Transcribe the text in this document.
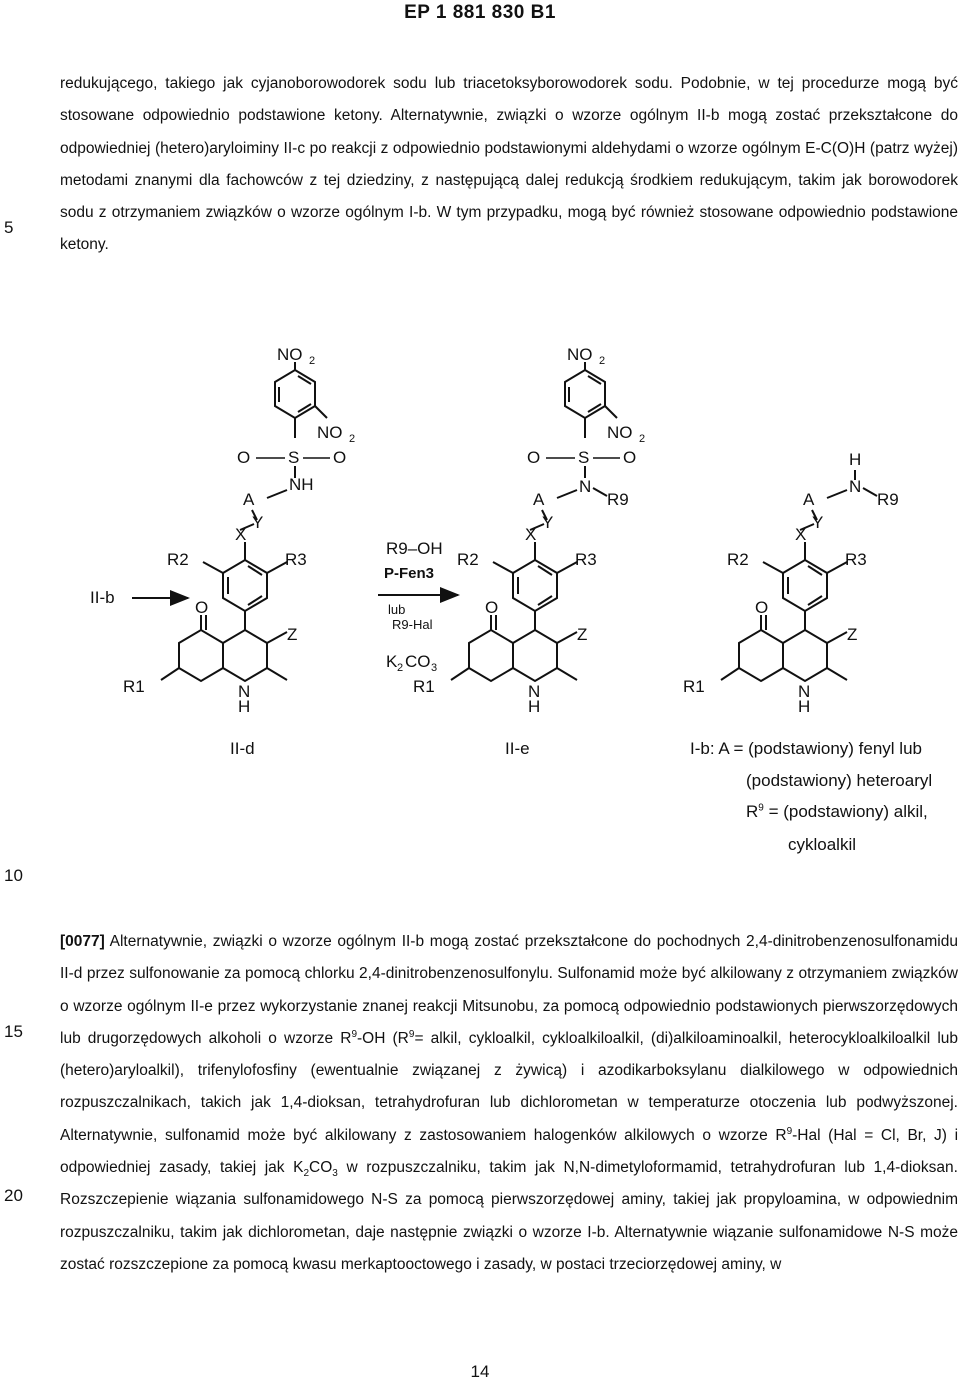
EP 1 881 830 B1
redukującego, takiego jak cyjanoborowodorek sodu lub triacetoksyborowodorek sodu. Podobnie, w tej procedurze mogą być stosowane odpowiednio podstawione ketony. Alternatywnie, związki o wzorze ogólnym II-b mogą zostać przekształcone do odpowiedniej (hetero)aryloiminy II-c po reakcji z odpowiednio podstawionymi aldehydami o wzorze ogólnym E-C(O)H (patrz wyżej) metodami znanymi dla fachowców z tej dziedziny, z następującą dalej redukcją środkiem redukującym, takim jak borowodorek sodu z otrzymaniem związków o wzorze ogólnym I-b. W tym przypadku, mogą być również stosowane odpowiednio podstawione ketony.
5
10
15
20
II-b
NO 2
NO 2
O S O
NH
A
Y
X
R2	R3
O
Z
R1	N
H
R9–OH
P-Fen3
lub
R9-Hal
K 2 CO 3
NO 2
NO 2
O S O
N
R9
A
Y
X
R2	R3
O
Z
R1	N
H
H
N
R9
A
Y
X
R2	R3
O
Z
R1	N
H
II-d	II-e	I-b: A = (podstawiony) fenyl lub
(podstawiony) heteroaryl
$R^9$ = (podstawiony) alkil,
cykloalkil
[0077] Alternatywnie, związki o wzorze ogólnym II-b mogą zostać przekształcone do pochodnych 2,4-dinitrobenzenosulfonamidu II-d przez sulfonowanie za pomocą chlorku 2,4-dinitrobenzenosulfonylu. Sulfonamid może być alkilowany z otrzymaniem związków o wzorze ogólnym II-e przez wykorzystanie znanej reakcji Mitsunobu, za pomocą odpowiednio podstawionych pierwszorzędowych lub drugorzędowych alkoholi o wzorze $R^9-OH$ ($R^9=$ alkil, cykloalkil, cykloalkiloalkil, (di)alkiloaminoalkil, heterocykloalkiloalkil lub (hetero)aryloalkil), trifenylofosfiny (ewentualnie związanej z żywicą) i azodikarboksylanu dialkilowego w odpowiednich rozpuszczalnikach, takich jak 1,4-dioksan, tetrahydrofuran lub dichlorometan w temperaturze otoczenia lub podwyższonej. Alternatywnie, sulfonamid może być alkilowany z zastosowaniem halogenków alkilowych o wzorze $R^9$-Hal (Hal = Cl, Br, J) i odpowiedniej zasady, takiej jak $K_2CO_3$ w rozpuszczalniku, takim jak N,N-dimetyloformamid, tetrahydrofuran lub 1,4-dioksan. Rozszczepienie wiązania sulfonamidowego N-S za pomocą pierwszorzędowej aminy, takiej jak propyloamina, w odpowiednim rozpuszczalniku, takim jak dichlorometan, daje następnie związki o wzorze I-b. Alternatywnie wiązanie sulfonamidowe N-S może zostać rozszczepione za pomocą kwasu merkaptooctowego i zasady, w postaci trzeciorzędowej aminy, w
14
